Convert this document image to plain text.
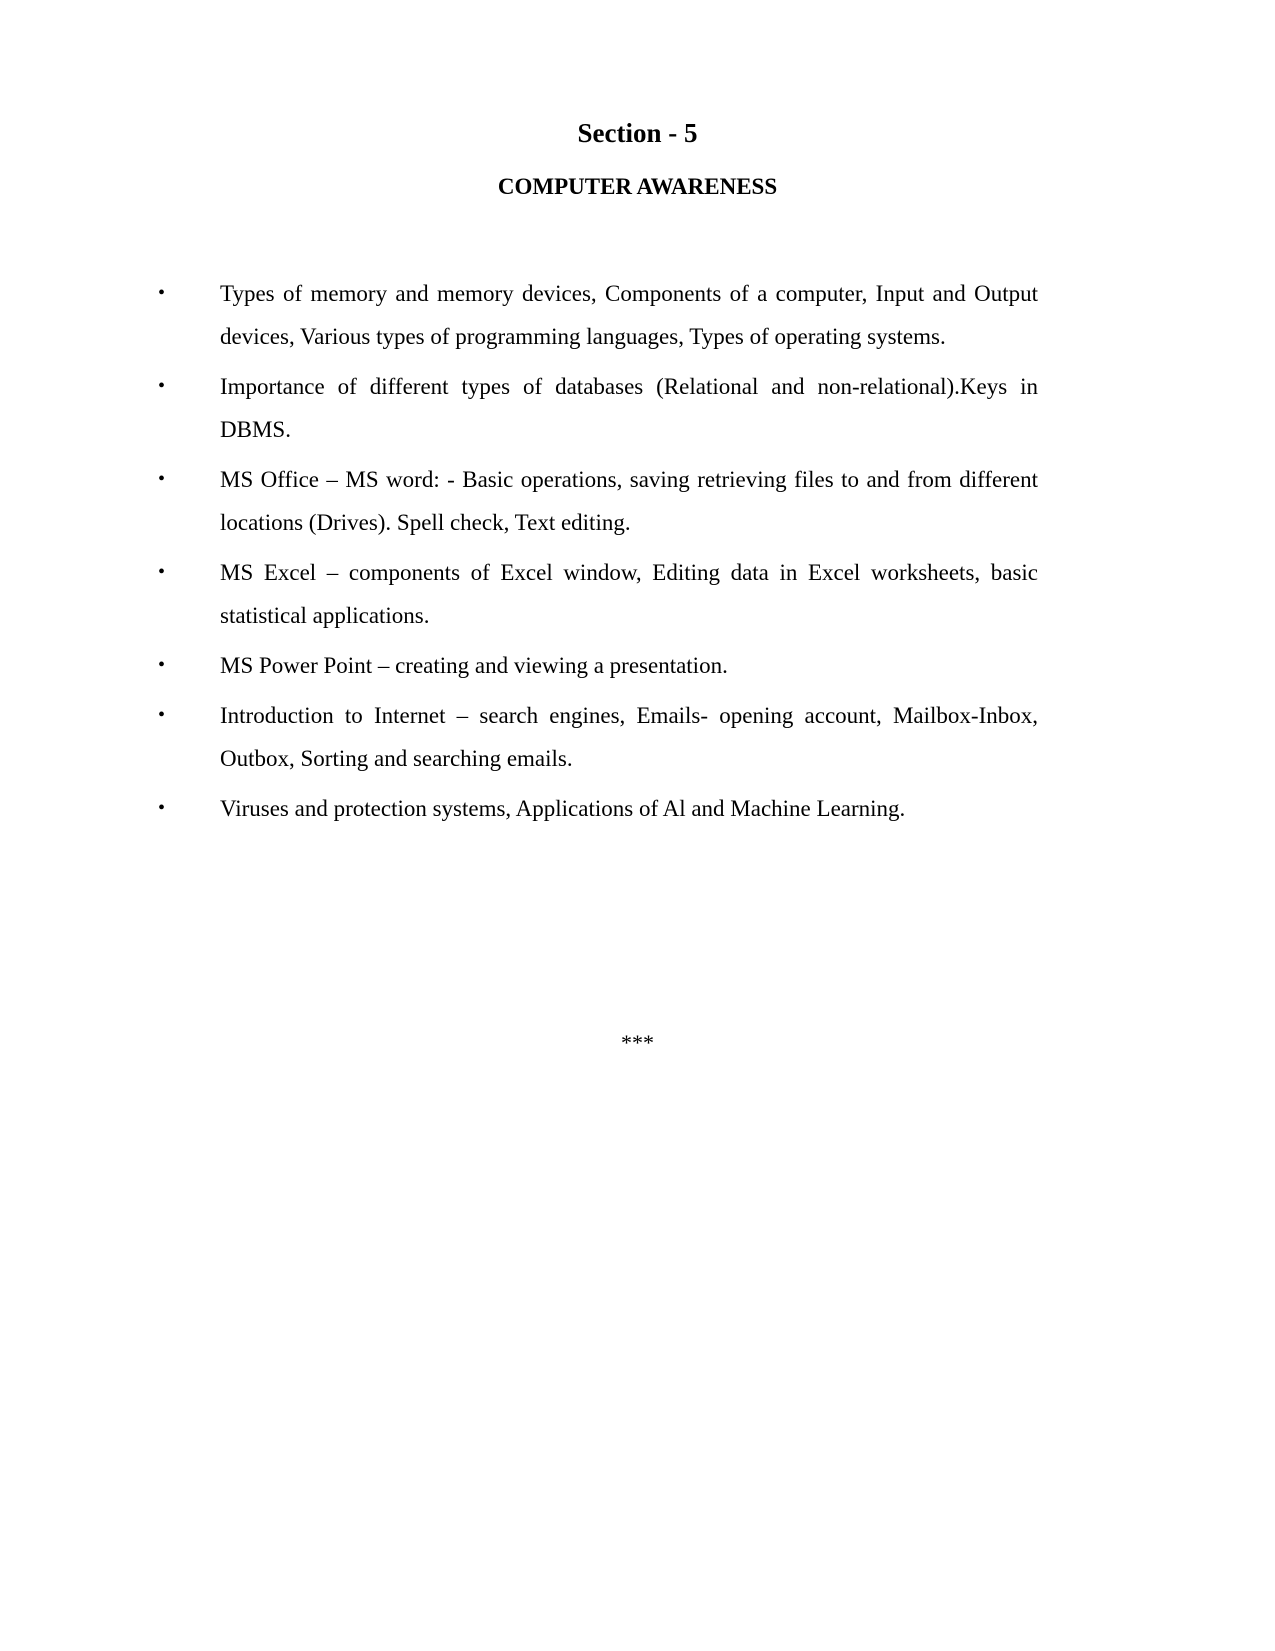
Section - 5
COMPUTER AWARENESS
•	Types of memory and memory devices, Components of a computer, Input and Output devices, Various types of programming languages, Types of operating systems.
•	Importance of different types of databases (Relational and non-relational).Keys in DBMS.
•	MS Office – MS word: - Basic operations, saving retrieving files to and from different locations (Drives). Spell check, Text editing.
•	MS Excel – components of Excel window, Editing data in Excel worksheets, basic statistical applications.
•	MS Power Point – creating and viewing a presentation.
•	Introduction to Internet – search engines, Emails- opening account, Mailbox-Inbox, Outbox, Sorting and searching emails.
•	Viruses and protection systems, Applications of Al and Machine Learning.

***
